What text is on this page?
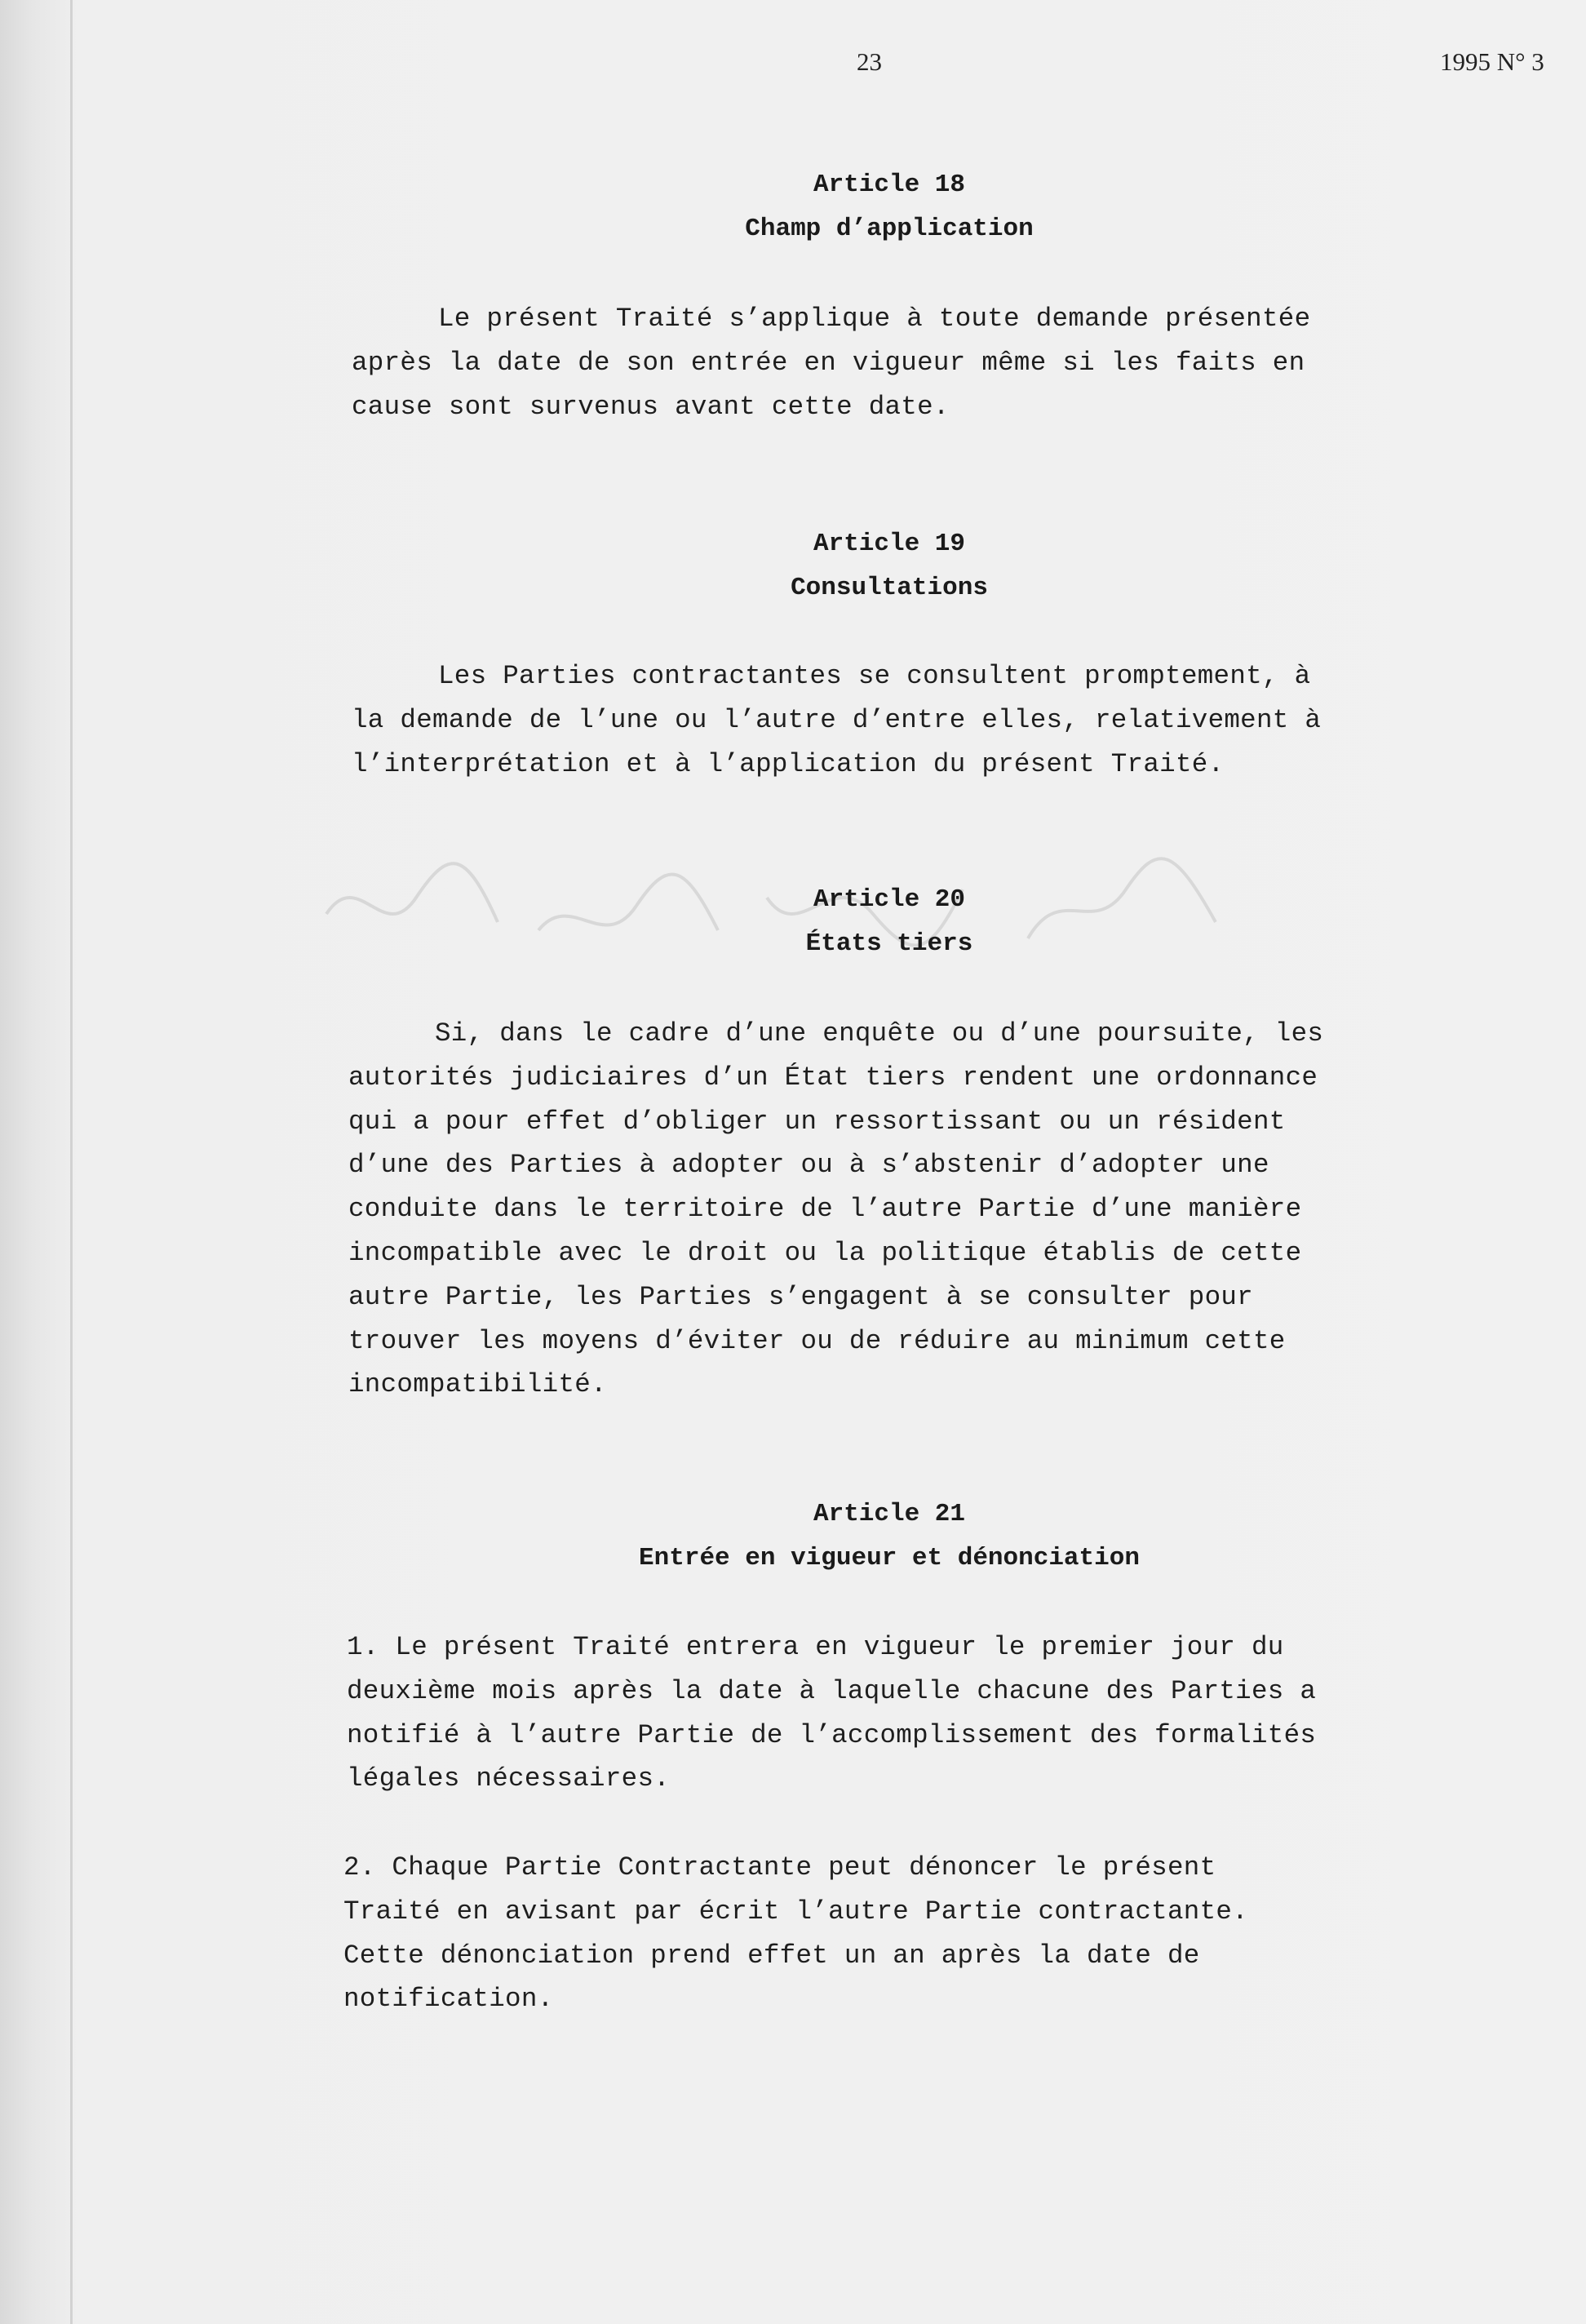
23	1995 N° 3
Article 18
Champ d’application
Le présent Traité s’applique à toute demande présentée
après la date de son entrée en vigueur même si les faits en
cause sont survenus avant cette date.
Article 19
Consultations
Les Parties contractantes se consultent promptement, à
la demande de l’une ou l’autre d’entre elles, relativement à
l’interprétation et à l’application du présent Traité.
Article 20
États tiers
Si, dans le cadre d’une enquête ou d’une poursuite, les
autorités judiciaires d’un État tiers rendent une ordonnance
qui a pour effet d’obliger un ressortissant ou un résident
d’une des Parties à adopter ou à s’abstenir d’adopter une
conduite dans le territoire de l’autre Partie d’une manière
incompatible avec le droit ou la politique établis de cette
autre Partie, les Parties s’engagent à se consulter pour
trouver les moyens d’éviter ou de réduire au minimum cette
incompatibilité.
Article 21
Entrée en vigueur et dénonciation
1. Le présent Traité entrera en vigueur le premier jour du
deuxième mois après la date à laquelle chacune des Parties a
notifié à l’autre Partie de l’accomplissement des formalités
légales nécessaires.
2. Chaque Partie Contractante peut dénoncer le présent
Traité en avisant par écrit l’autre Partie contractante.
Cette dénonciation prend effet un an après la date de
notification.
